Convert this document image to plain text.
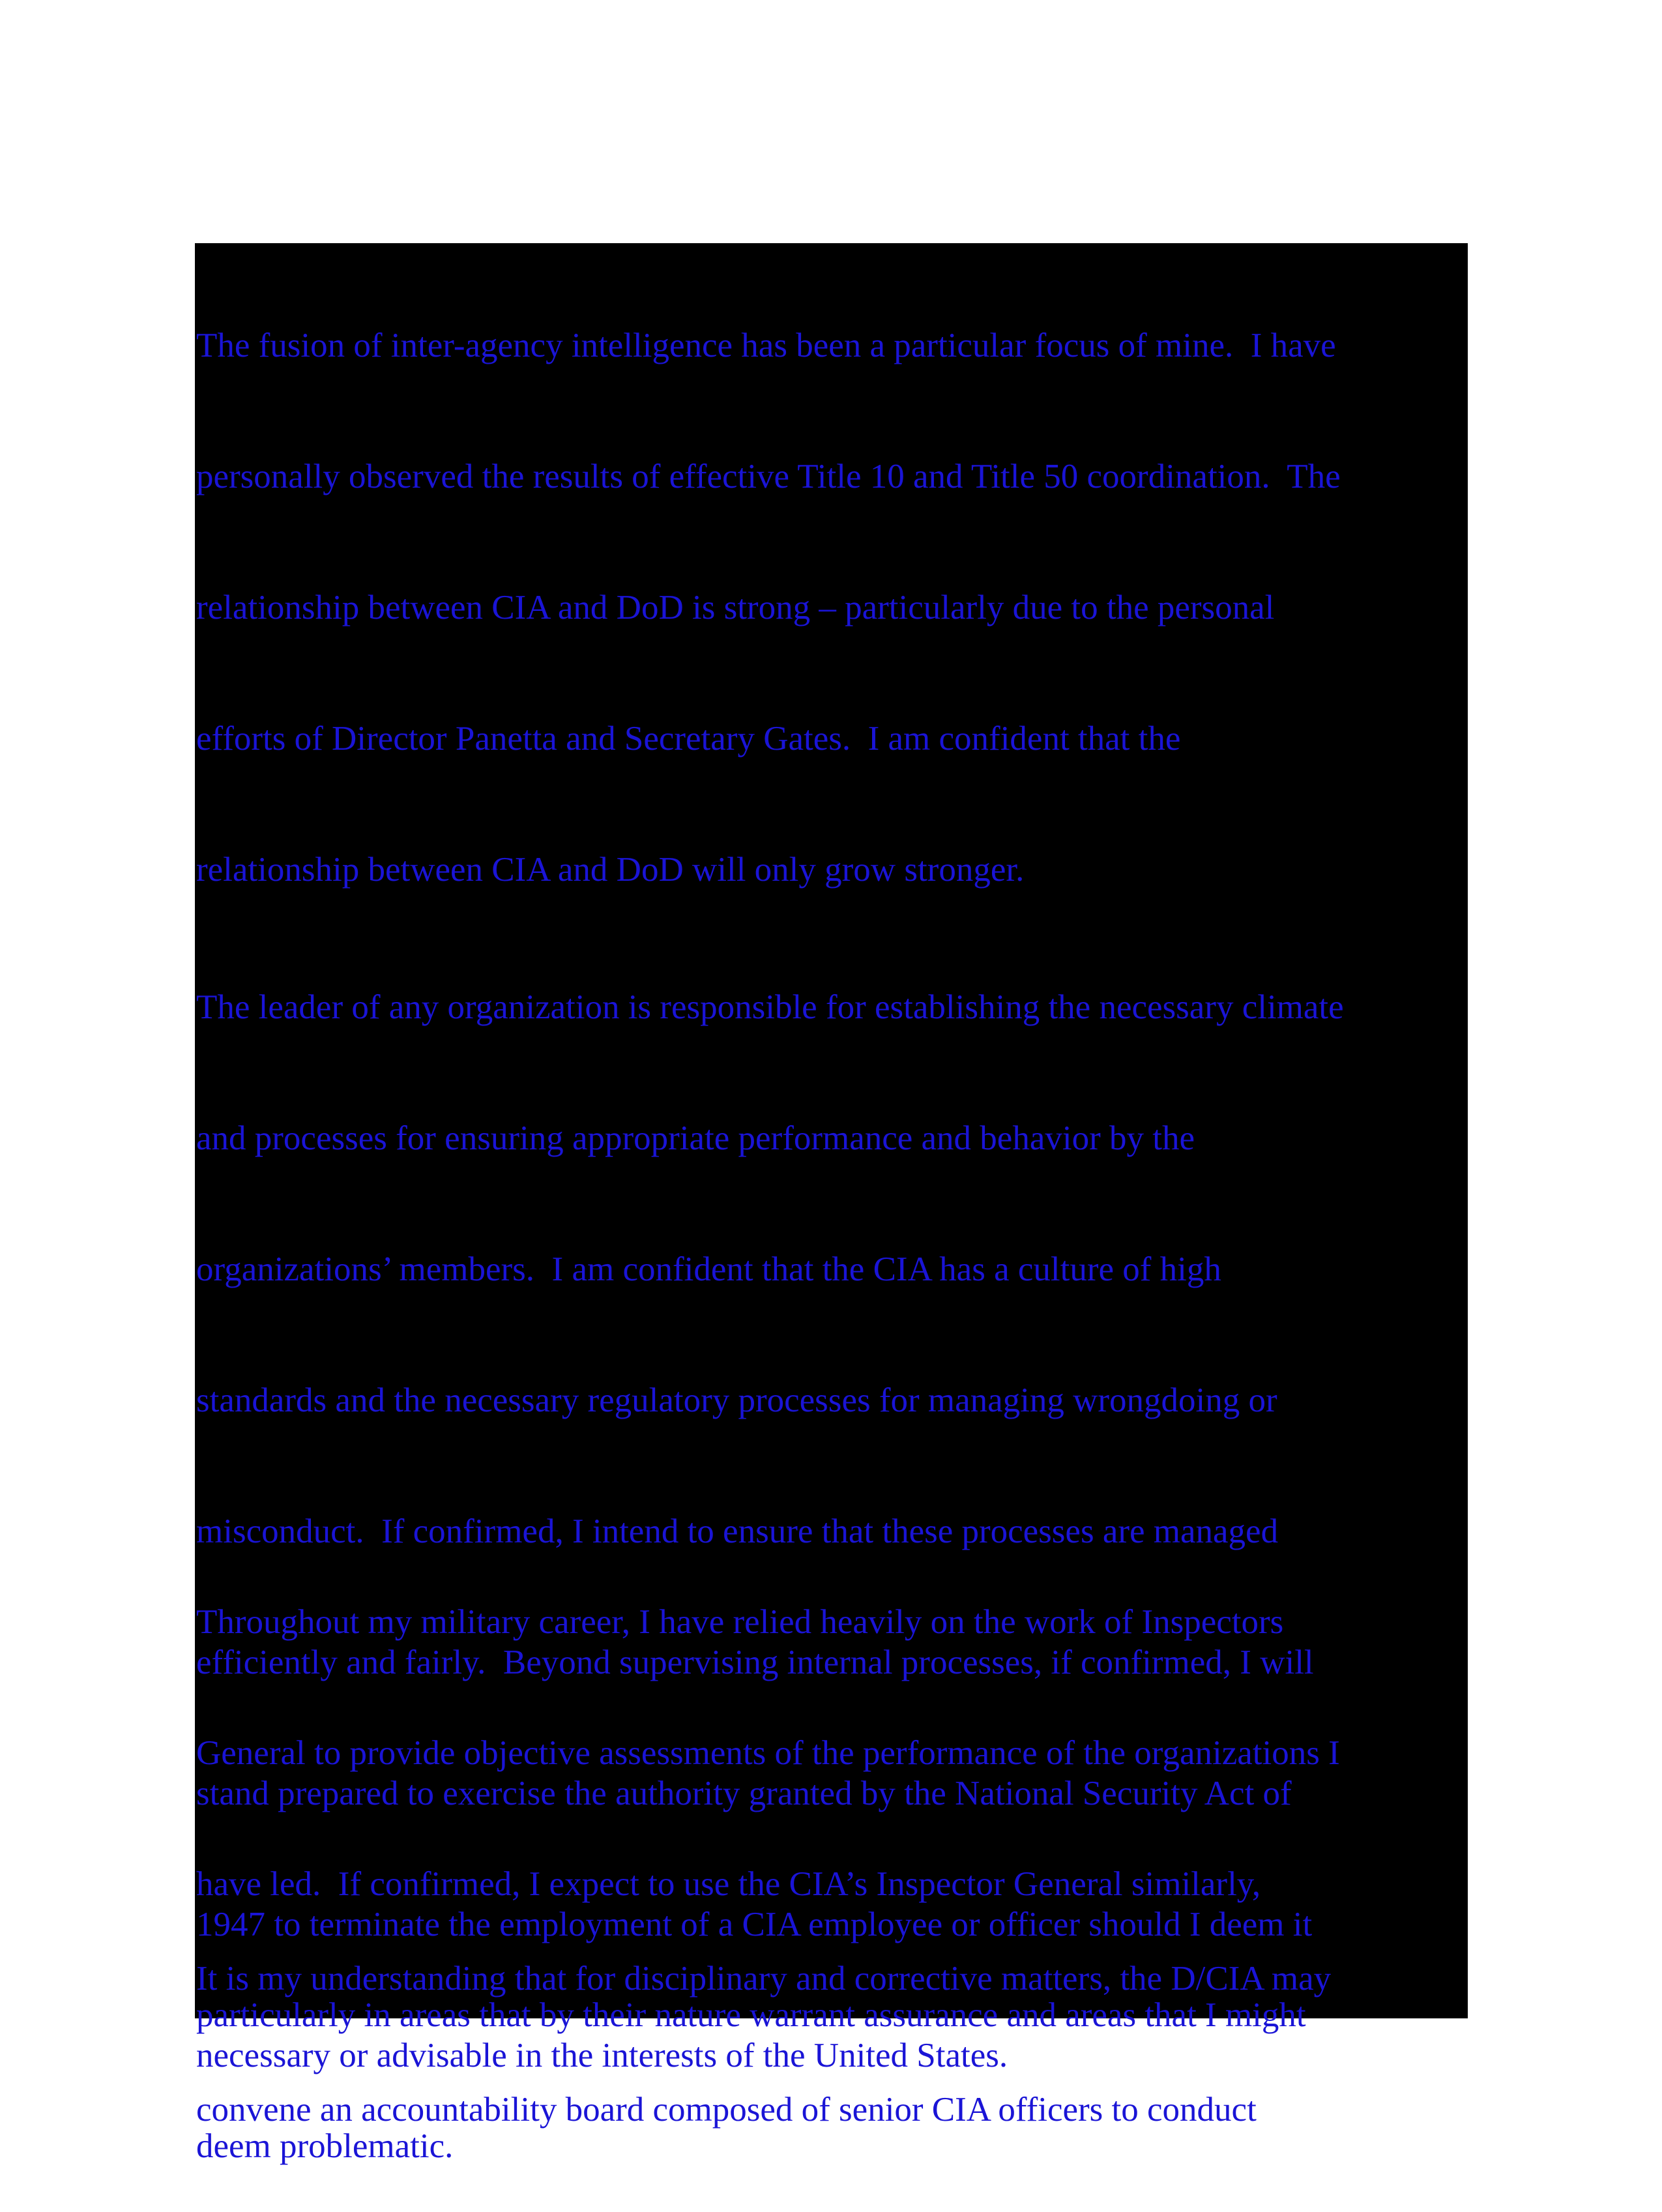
The fusion of inter-agency intelligence has been a particular focus of mine.  I have

personally observed the results of effective Title 10 and Title 50 coordination.  The

relationship between CIA and DoD is strong – particularly due to the personal

efforts of Director Panetta and Secretary Gates.  I am confident that the

relationship between CIA and DoD will only grow stronger.

The leader of any organization is responsible for establishing the necessary climate

and processes for ensuring appropriate performance and behavior by the

organizations’ members.  I am confident that the CIA has a culture of high

standards and the necessary regulatory processes for managing wrongdoing or

misconduct.  If confirmed, I intend to ensure that these processes are managed

efficiently and fairly.  Beyond supervising internal processes, if confirmed, I will

stand prepared to exercise the authority granted by the National Security Act of

1947 to terminate the employment of a CIA employee or officer should I deem it

necessary or advisable in the interests of the United States.

Throughout my military career, I have relied heavily on the work of Inspectors

General to provide objective assessments of the performance of the organizations I

have led.  If confirmed, I expect to use the CIA’s Inspector General similarly,

particularly in areas that by their nature warrant assurance and areas that I might

deem problematic.

It is my understanding that for disciplinary and corrective matters, the D/CIA may

convene an accountability board composed of senior CIA officers to conduct
